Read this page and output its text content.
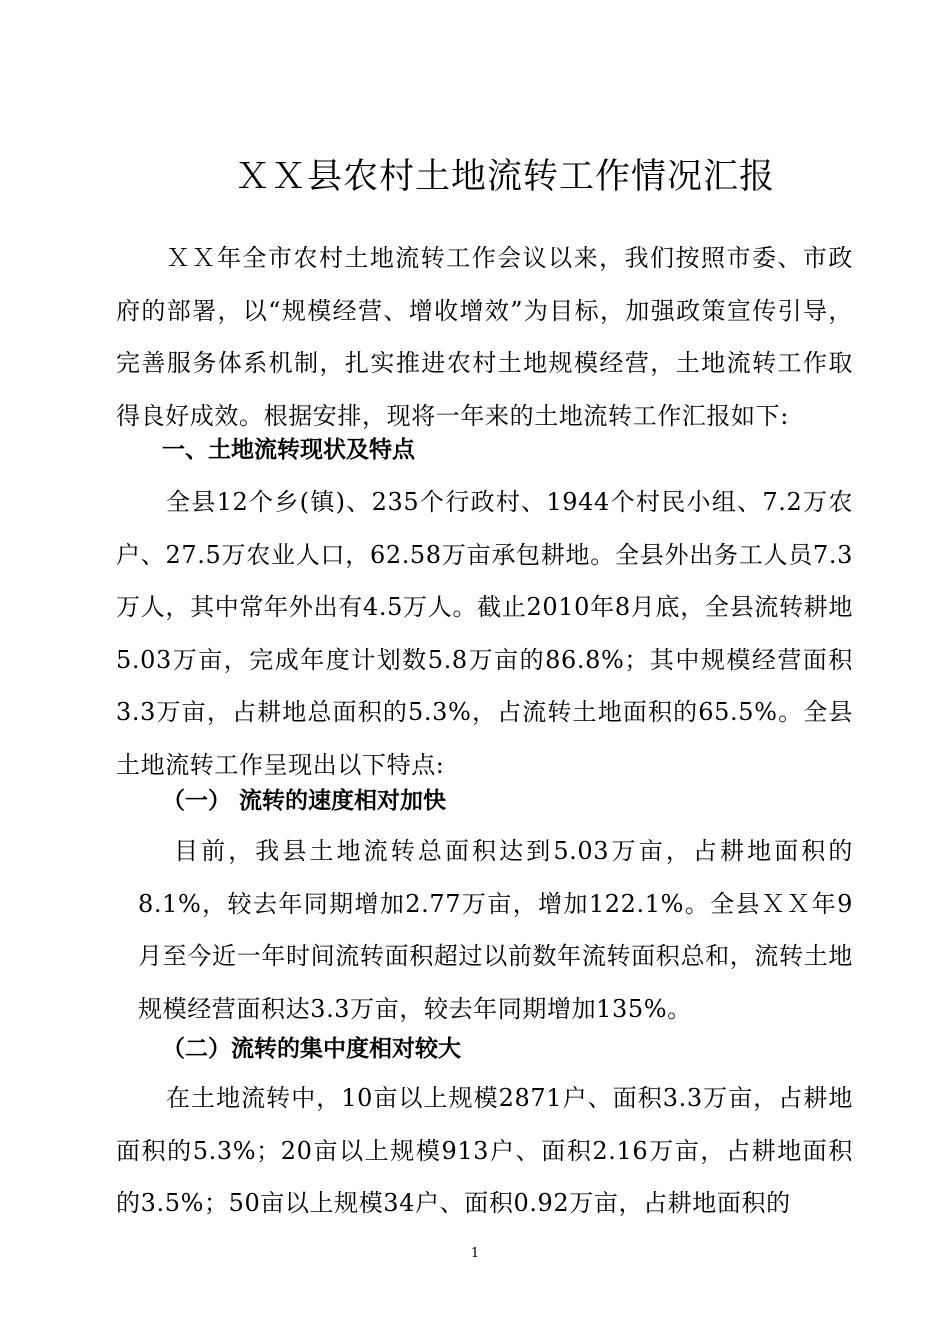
ＸＸ县农村土地流转工作情况汇报
ＸＸ年全市农村土地流转工作会议以来，我们按照市委、市政府的部署，以“规模经营、增收增效”为目标，加强政策宣传引导，完善服务体系机制，扎实推进农村土地规模经营，土地流转工作取得良好成效。根据安排，现将一年来的土地流转工作汇报如下:
一、土地流转现状及特点
全县12个乡(镇)、235个行政村、1944个村民小组、7.2万农户、27.5万农业人口，62.58万亩承包耕地。全县外出务工人员7.3万人，其中常年外出有4.5万人。截止2010年8月底，全县流转耕地5.03万亩，完成年度计划数5.8万亩的86.8%；其中规模经营面积3.3万亩，占耕地总面积的5.3%，占流转土地面积的65.5%。全县土地流转工作呈现出以下特点:
（一） 流转的速度相对加快
目前，我县土地流转总面积达到5.03万亩，占耕地面积的8.1%，较去年同期增加2.77万亩，增加122.1%。全县ＸＸ年9月至今近一年时间流转面积超过以前数年流转面积总和，流转土地规模经营面积达3.3万亩，较去年同期增加135%。
（二）流转的集中度相对较大
在土地流转中，10亩以上规模2871户、面积3.3万亩，占耕地面积的5.3%；20亩以上规模913户、面积2.16万亩，占耕地面积的3.5%；50亩以上规模34户、面积0.92万亩，占耕地面积的
1
